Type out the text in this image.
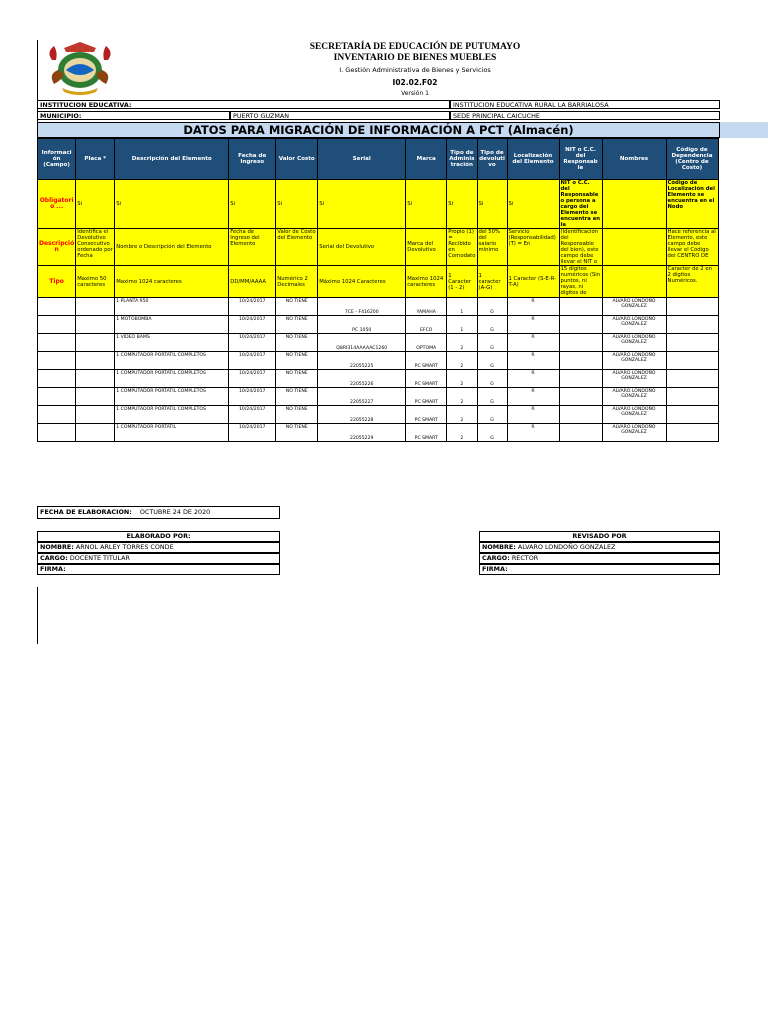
SECRETARÍA DE EDUCACIÓN DE PUTUMAYO
INVENTARIO DE BIENES MUEBLES
I. Gestión Administrativa de Bienes y Servicios
I02.02.F02
Versión 1
INSTITUCION EDUCATIVA:	INSTITUCION EDUCATIVA RURAL LA BARRIALOSA
MUNICIPIO:	PUERTO GUZMAN	SEDE PRINCIPAL CAICUCHE
DATOS PARA MIGRACIÓN DE INFORMACIÓN A PCT (Almacén)
Informaci ón (Campo)	Placa *	Descripción del Elemento	Fecha de Ingreso	Valor Costo	Serial	Marca	Tipo de Adminis tración	Tipo de devoluti vo	Localización del Elemento	NIT o C.C. del Responsab le	Nombres	Código de Dependencia (Centro de Costo)
Obligatori o ...	Si	Si	Si	Si	Si	Si	Si	Si	Si	NIT o C.C. del Responsable o persona a cargo del Elemento se encuentra en la		Código de Localización del Elemento se encuentra en el Nodo
Descripció n	Identifica el Devolutivo Consecutivo ordenado por Fecha	Nombre o Descripción del Elemento	Fecha de Ingreso del Elemento	Valor de Costo del Elemento	Serial del Devolutivo	Marca del Devolutivo	Propio (1) = Recibido en Comodato	del 50% del salario mínimo	Servicio (Responsabilidad) (T) = En	(Identificación del Responsable del bien), este campo debe llevar el NIT o		Hace referencia al Elemento, este campo debe llevar el Código del CENTRO DE
Tipo	Maximo 50 caracteres	Maximo 1024 caracteres	DD/MM/AAAA	Numérico 2 Decimales	Máximo 1024 Caracteres	Maximo 1024 caracteres	1 Caracter (1 - 2)	1 caracter (A-G)	1 Caracter (S-E-R-T-A)	15 dígitos numéricos (Sin puntos, ni rayas, ni digitos de		Caracter de 2 en 2 dígitos Numéricos.
		1 PLANTA 950	10/24/2017	NO TIENE	7CE - F416200	YAMAHA	1	G	R		ALVARO LONDOÑO GONZALEZ	
		1 MOTOBOMBA	10/24/2017	NO TIENE	PC 1050	EFCO	1	G	R		ALVARO LONDOÑO GONZALEZ	
		1 VIDEO BAMS	10/24/2017	NO TIENE	Q8RI314AAAAAC1260	OPTOMA	2	G	R		ALVARO LONDOÑO GONZALEZ	
		1 COMPUTADOR PORTATIL COMPLETOS	10/24/2017	NO TIENE	22055225	PC SMART	2	G	R		ALVARO LONDOÑO GONZALEZ	
		1 COMPUTADOR PORTATIL COMPLETOS	10/24/2017	NO TIENE	22055226	PC SMART	2	G	R		ALVARO LONDOÑO GONZALEZ	
		1 COMPUTADOR PORTATIL COMPLETOS	10/24/2017	NO TIENE	22055227	PC SMART	2	G	R		ALVARO LONDOÑO GONZALEZ	
		1 COMPUTADOR PORTATIL COMPLETOS	10/24/2017	NO TIENE	22055228	PC SMART	2	G	R		ALVARO LONDOÑO GONZALEZ	
		1 COMPUTADOR PORTATIL	10/24/2017	NO TIENE	22055229	PC SMART	2	G	R		ALVARO LONDOÑO GONZALEZ	
FECHA DE ELABORACION: OCTUBRE 24 DE 2020
ELABORADO POR:
NOMBRE: ARNOL ARLEY TORRES CONDE
CARGO: DOCENTE TITULAR
FIRMA:
REVISADO POR
NOMBRE: ALVARO LONDOÑO GONZALEZ
CARGO: RECTOR
FIRMA:
